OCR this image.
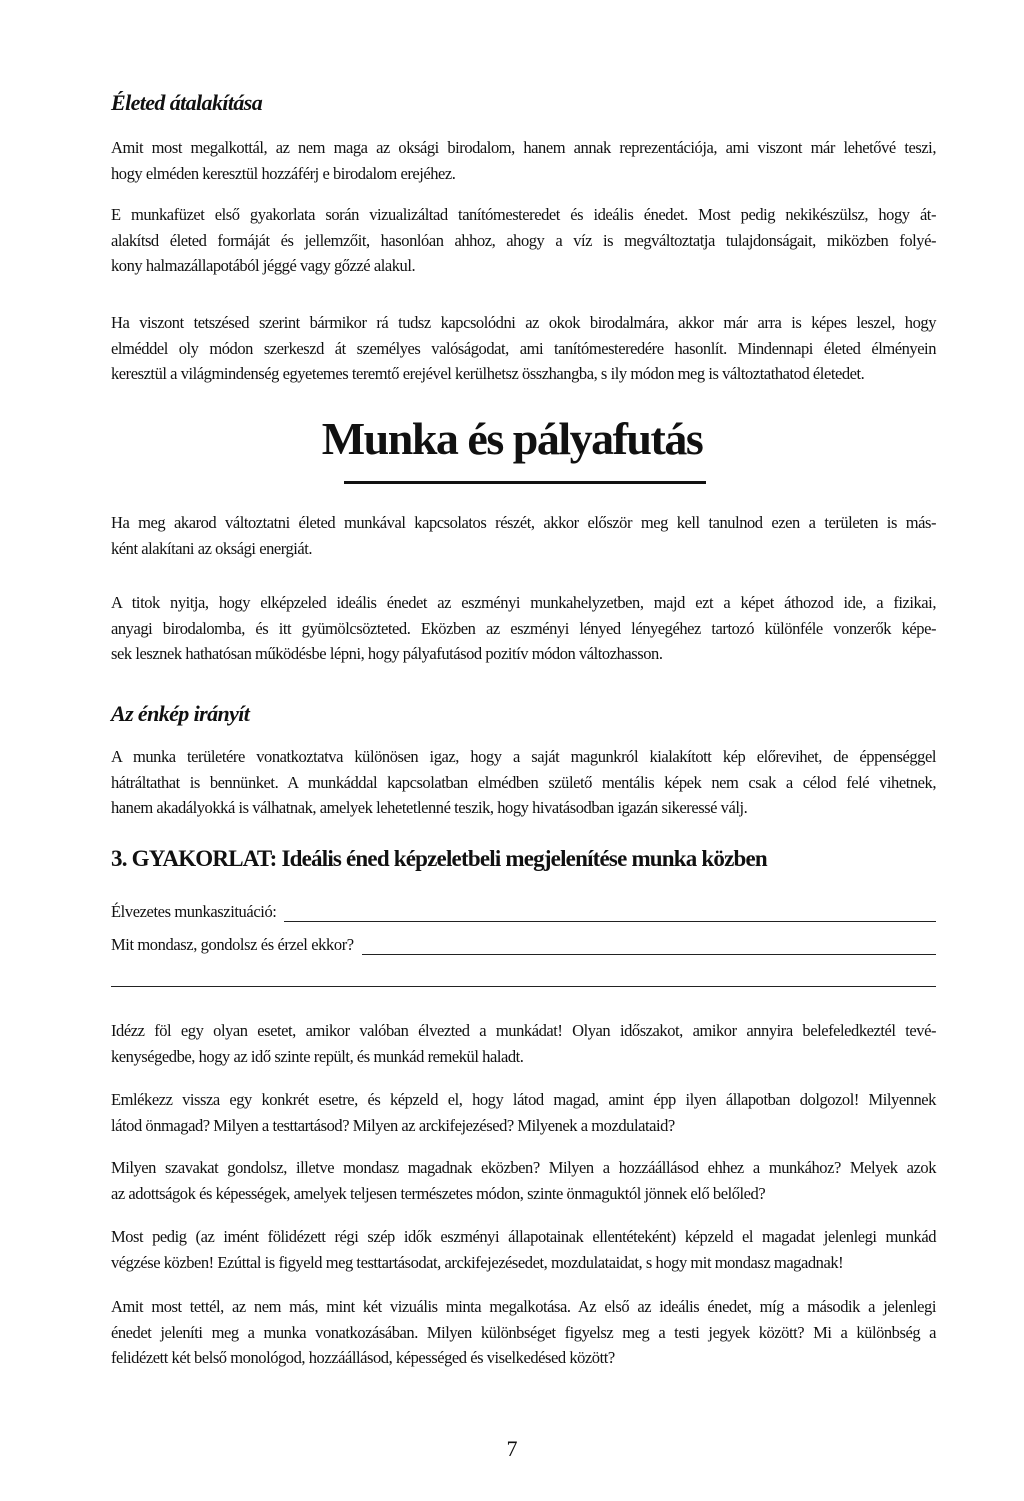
Életed átalakítása
Amit most megalkottál, az nem maga az oksági birodalom, hanem annak reprezentációja, ami viszont már lehetővé teszi,
hogy elméden keresztül hozzáférj e birodalom erejéhez.
E munkafüzet első gyakorlata során vizualizáltad tanítómesteredet és ideális énedet. Most pedig nekikészülsz, hogy át-
alakítsd életed formáját és jellemzőit, hasonlóan ahhoz, ahogy a víz is megváltoztatja tulajdonságait, miközben folyé-
kony halmazállapotából jéggé vagy gőzzé alakul.
Ha viszont tetszésed szerint bármikor rá tudsz kapcsolódni az okok birodalmára, akkor már arra is képes leszel, hogy
elméddel oly módon szerkeszd át személyes valóságodat, ami tanítómesteredére hasonlít. Mindennapi életed élményein
keresztül a világmindenség egyetemes teremtő erejével kerülhetsz összhangba, s ily módon meg is változtathatod életedet.
Munka és pályafutás
Ha meg akarod változtatni életed munkával kapcsolatos részét, akkor először meg kell tanulnod ezen a területen is más-
ként alakítani az oksági energiát.
A titok nyitja, hogy elképzeled ideális énedet az eszményi munkahelyzetben, majd ezt a képet áthozod ide, a fizikai,
anyagi birodalomba, és itt gyümölcsözteted. Eközben az eszményi lényed lényegéhez tartozó különféle vonzerők képe-
sek lesznek hathatósan működésbe lépni, hogy pályafutásod pozitív módon változhasson.
Az énkép irányít
A munka területére vonatkoztatva különösen igaz, hogy a saját magunkról kialakított kép előrevihet, de éppenséggel
hátráltathat is bennünket. A munkáddal kapcsolatban elmédben születő mentális képek nem csak a célod felé vihetnek,
hanem akadályokká is válhatnak, amelyek lehetetlenné teszik, hogy hivatásodban igazán sikeressé válj.
3. GYAKORLAT: Ideális éned képzeletbeli megjelenítése munka közben
Élvezetes munkaszituáció:
Mit mondasz, gondolsz és érzel ekkor?
Idézz föl egy olyan esetet, amikor valóban élvezted a munkádat! Olyan időszakot, amikor annyira belefeledkeztél tevé-
kenységedbe, hogy az idő szinte repült, és munkád remekül haladt.
Emlékezz vissza egy konkrét esetre, és képzeld el, hogy látod magad, amint épp ilyen állapotban dolgozol! Milyennek
látod önmagad? Milyen a testtartásod? Milyen az arckifejezésed? Milyenek a mozdulataid?
Milyen szavakat gondolsz, illetve mondasz magadnak eközben? Milyen a hozzáállásod ehhez a munkához? Melyek azok
az adottságok és képességek, amelyek teljesen természetes módon, szinte önmaguktól jönnek elő belőled?
Most pedig (az imént fölidézett régi szép idők eszményi állapotainak ellentéteként) képzeld el magadat jelenlegi munkád
végzése közben! Ezúttal is figyeld meg testtartásodat, arckifejezésedet, mozdulataidat, s hogy mit mondasz magadnak!
Amit most tettél, az nem más, mint két vizuális minta megalkotása. Az első az ideális énedet, míg a második a jelenlegi
énedet jeleníti meg a munka vonatkozásában. Milyen különbséget figyelsz meg a testi jegyek között? Mi a különbség a
felidézett két belső monológod, hozzáállásod, képességed és viselkedésed között?
7
